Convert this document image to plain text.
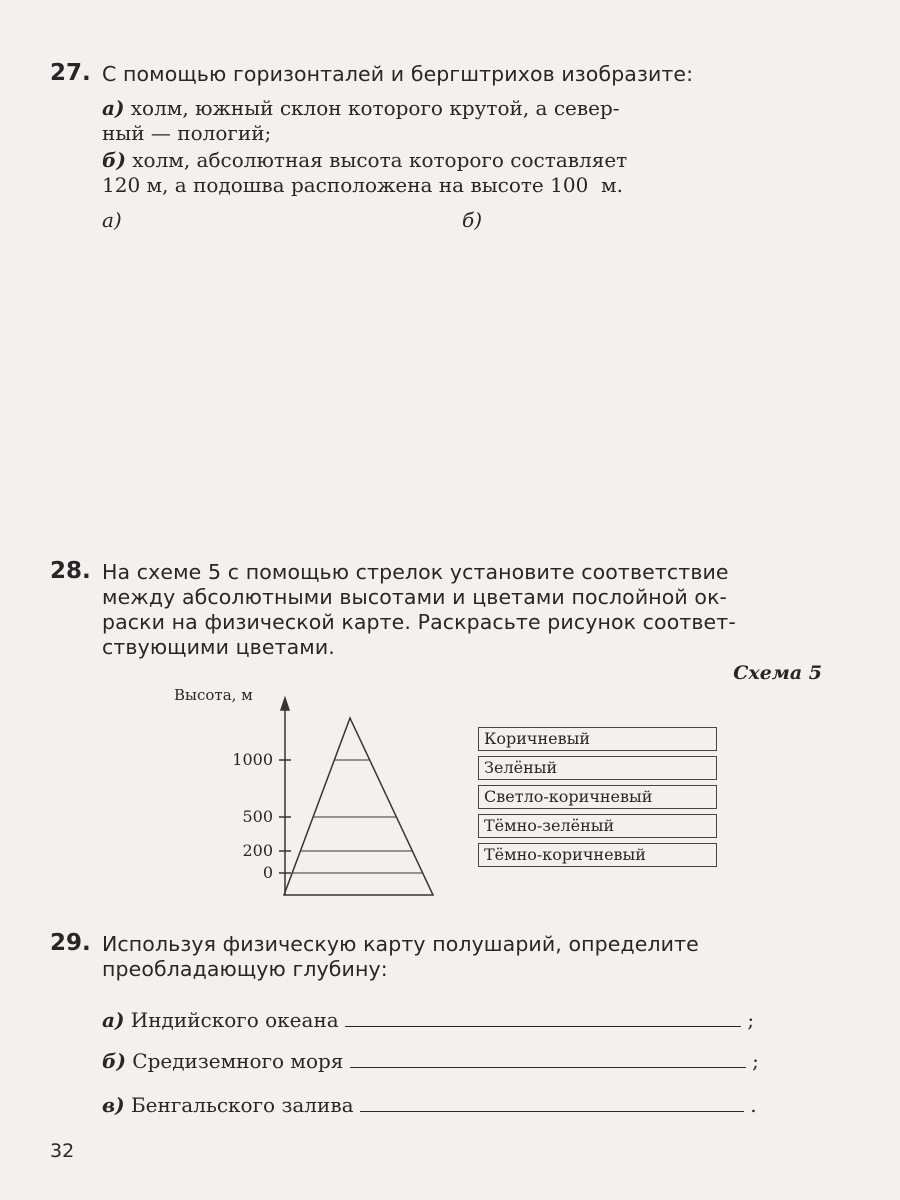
27. С помощью горизонталей и бергштрихов изобразите:
а) холм, южный склон которого крутой, а север-
ный — пологий;
б) холм, абсолютная высота которого составляет
120 м, а подошва расположена на высоте 100  м.
а)	б)
28. На схеме 5 с помощью стрелок установите соответствие
между абсолютными высотами и цветами послойной ок-
раски на физической карте. Раскрасьте рисунок соответ-
ствующими цветами.
Схема 5
Высота, м
1000
500
200
0
Коричневый
Зелёный
Светло-коричневый
Тёмно-зелёный
Тёмно-коричневый
29. Используя физическую карту полушарий, определите
преобладающую глубину:
а) Индийского океана	;
б) Средиземного моря	;
в) Бенгальского залива	.
32
